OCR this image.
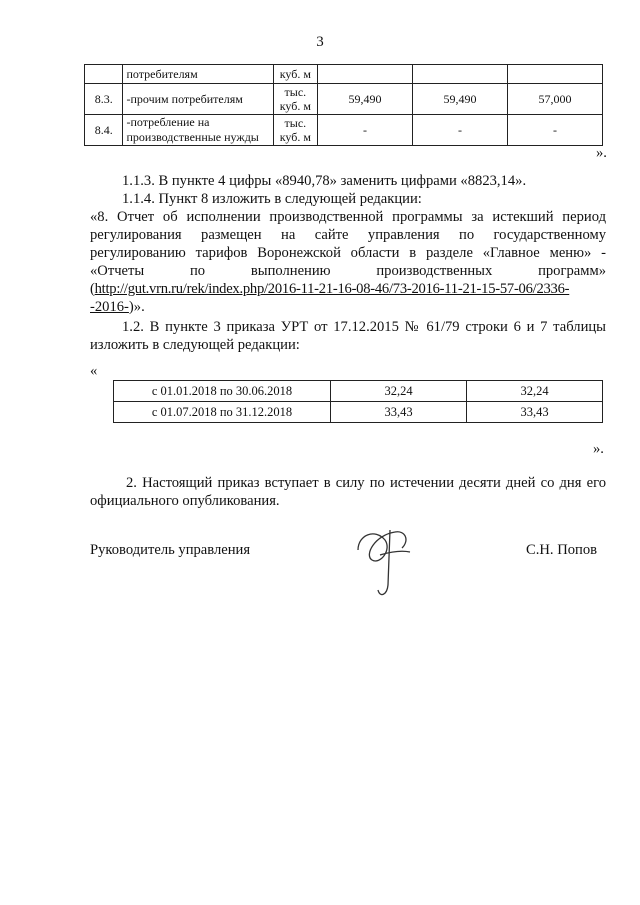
3
	потребителям	куб. м			
8.3.	-прочим потребителям	тыс. куб. м	59,490	59,490	57,000
8.4.	-потребление на производственные нужды	тыс. куб. м	-	-	-
».
1.1.3. В пункте 4 цифры «8940,78» заменить цифрами «8823,14».
1.1.4. Пункт 8 изложить в следующей редакции:
«8. Отчет об исполнении производственной программы за истекший период
регулирования размещен на сайте управления по государственному
регулированию тарифов Воронежской области в разделе «Главное меню» -
«Отчеты по выполнению производственных программ»
(http://gut.vrn.ru/rek/index.php/2016-11-21-16-08-46/73-2016-11-21-15-57-06/2336-
-2016-)».
1.2. В пункте 3 приказа УРТ от 17.12.2015 № 61/79 строки 6 и 7 таблицы
изложить в следующей редакции:
«
с 01.01.2018 по 30.06.2018	32,24	32,24
с 01.07.2018 по 31.12.2018	33,43	33,43
».
2. Настоящий приказ вступает в силу по истечении десяти дней со дня его
официального опубликования.
Руководитель управления	С.Н. Попов
